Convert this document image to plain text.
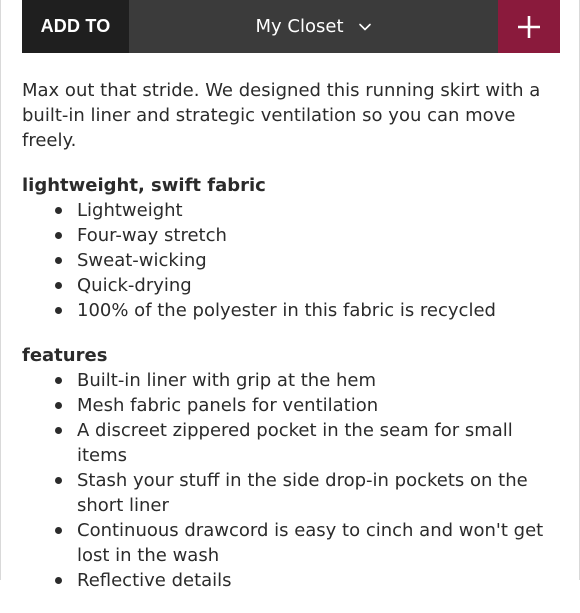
ADD TO	My Closet

Max out that stride. We designed this running skirt with a built-in liner and strategic ventilation so you can move freely.

lightweight, swift fabric

Lightweight
Four-way stretch
Sweat-wicking
Quick-drying
100% of the polyester in this fabric is recycled

features

Built-in liner with grip at the hem
Mesh fabric panels for ventilation
A discreet zippered pocket in the seam for small items
Stash your stuff in the side drop-in pockets on the short liner
Continuous drawcord is easy to cinch and won't get lost in the wash
Reflective details
